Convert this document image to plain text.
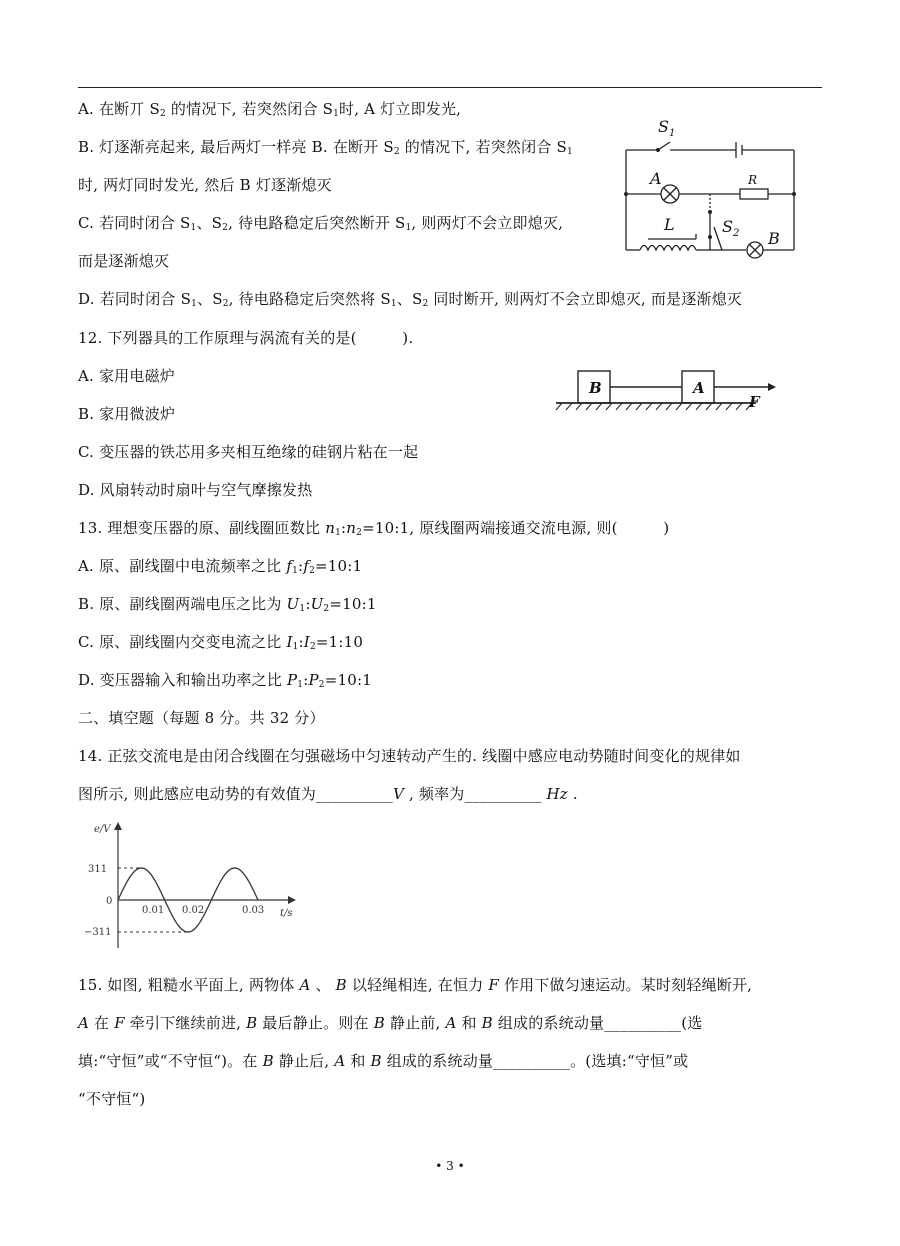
A. 在断丌 $S_2$ 的情况下, 若突然闭合 $S_1$时, A 灯立即发光,
B. 灯逐渐亮起来, 最后两灯一样亮 B. 在断开 $S_2$ 的情况下, 若突然闭合 $S_1$
时, 两灯同时发光, 然后 B 灯逐渐熄灭
C. 若同时闭合 $S_1$、$S_2$, 待电路稳定后突然断开 $S_1$, 则两灯不会立即熄灭,
而是逐渐熄灭
D. 若同时闭合 $S_1$、$S_2$, 待电路稳定后突然将 $S_1$、$S_2$ 同时断开, 则两灯不会立即熄灭, 而是逐渐熄灭
$S_1$
A	R
L	$S_2$ B
12. 下列器具的工作原理与涡流有关的是(　　　).
A. 家用电磁炉
B. 家用微波炉
C. 变压器的铁芯用多夹相互绝缘的硅钢片粘在一起
D. 风扇转动时扇叶与空气摩擦发热
B	A
F
13. 理想变压器的原、副线圈匝数比 $n_1:n_2=10:1$, 原线圈两端接通交流电源, 则(　　　)
A. 原、副线圈中电流频率之比 $f_1:f_2=10:1$
B. 原、副线圈两端电压之比为 $U_1:U_2=10:1$
C. 原、副线圈内交变电流之比 $I_1:I_2=1:10$
D. 变压器输入和输出功率之比 $P_1:P_2=10:1$
二、填空题（每题 8 分。共 32 分）
14. 正弦交流电是由闭合线圈在匀强磁场中匀速转动产生的. 线圈中感应电动势随时间变化的规律如
图所示, 则此感应电动势的有效值为__________V , 频率为__________ Hz .
e/V
t/s
311
0
−311
0.01 0.02	0.03
15. 如图, 粗糙水平面上, 两物体 A 、 B 以轻绳相连, 在恒力 F 作用下做匀速运动。某时刻轻绳断开,
A 在 F 牵引下继续前进, B 最后静止。则在 B 静止前, A 和 B 组成的系统动量__________(选
填:“守恒”或“不守恒“)。在 B 静止后, A 和 B 组成的系统动量__________。(选填:“守恒”或
“不守恒“)
• 3 •
